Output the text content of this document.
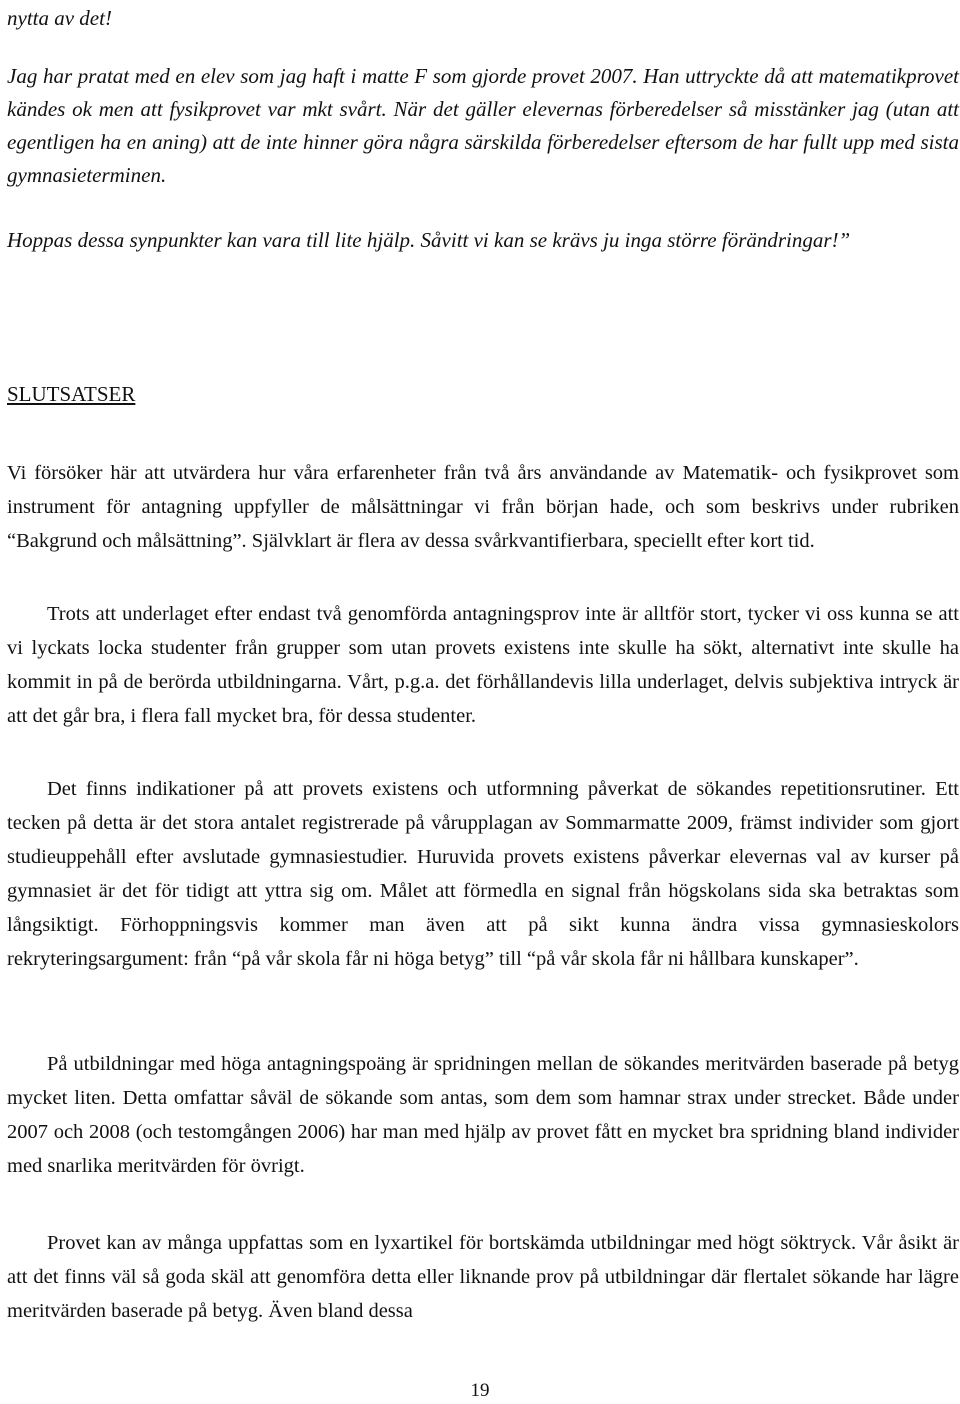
nytta av det!

Jag har pratat med en elev som jag haft i matte F som gjorde provet 2007. Han uttryckte då att matematikprovet kändes ok men att fysikprovet var mkt svårt. När det gäller elevernas förberedelser så misstänker jag (utan att egentligen ha en aning) att de inte hinner göra några särskilda förberedelser eftersom de har fullt upp med sista gymnasieterminen.

Hoppas dessa synpunkter kan vara till lite hjälp. Såvitt vi kan se krävs ju inga större förändringar!”

SLUTSATSER

Vi försöker här att utvärdera hur våra erfarenheter från två års användande av Matematik- och fysikprovet som instrument för antagning uppfyller de målsättningar vi från början hade, och som beskrivs under rubriken “Bakgrund och målsättning”. Självklart är flera av dessa svårkvantifierbara, speciellt efter kort tid.

Trots att underlaget efter endast två genomförda antagningsprov inte är alltför stort, tycker vi oss kunna se att vi lyckats locka studenter från grupper som utan provets existens inte skulle ha sökt, alternativt inte skulle ha kommit in på de berörda utbildningarna. Vårt, p.g.a. det förhållandevis lilla underlaget, delvis subjektiva intryck är att det går bra, i flera fall mycket bra, för dessa studenter.

Det finns indikationer på att provets existens och utformning påverkat de sökandes repetitionsrutiner. Ett tecken på detta är det stora antalet registrerade på vårupplagan av Sommarmatte 2009, främst individer som gjort studieuppehåll efter avslutade gymnasiestudier. Huruvida provets existens påverkar elevernas val av kurser på gymnasiet är det för tidigt att yttra sig om. Målet att förmedla en signal från högskolans sida ska betraktas som långsiktigt. Förhoppningsvis kommer man även att på sikt kunna ändra vissa gymnasieskolors rekryteringsargument: från “på vår skola får ni höga betyg” till “på vår skola får ni hållbara kunskaper”.

På utbildningar med höga antagningspoäng är spridningen mellan de sökandes meritvärden baserade på betyg mycket liten. Detta omfattar såväl de sökande som antas, som dem som hamnar strax under strecket. Både under 2007 och 2008 (och testomgången 2006) har man med hjälp av provet fått en mycket bra spridning bland individer med snarlika meritvärden för övrigt.

Provet kan av många uppfattas som en lyxartikel för bortskämda utbildningar med högt söktryck. Vår åsikt är att det finns väl så goda skäl att genomföra detta eller liknande prov på utbildningar där flertalet sökande har lägre meritvärden baserade på betyg. Även bland dessa

19
